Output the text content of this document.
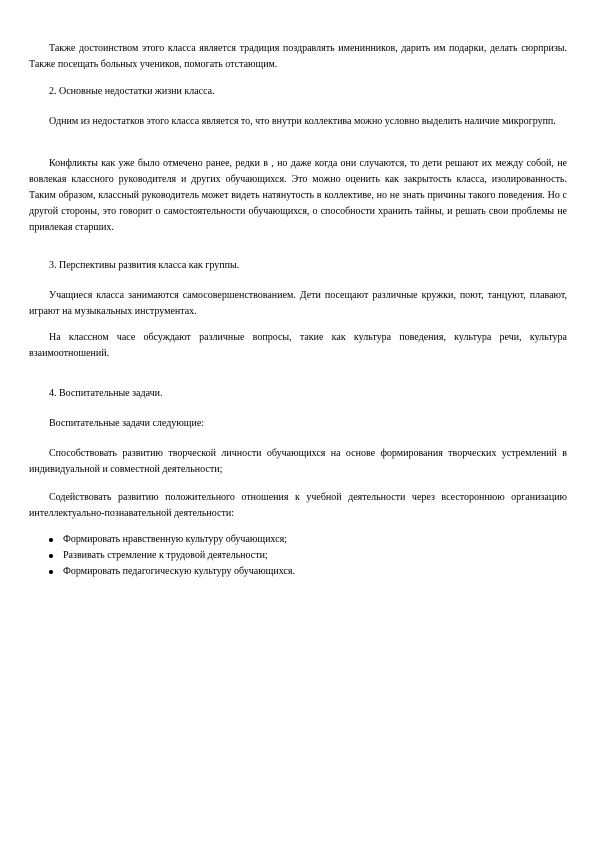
Также достоинством этого класса является традиция поздравлять именинников, дарить им подарки, делать сюрпризы. Также посещать больных учеников, помогать отстающим.

2. Основные недостатки жизни класса.

Одним из недостатков этого класса является то, что внутри коллектива можно условно выделить наличие микрогрупп.

Конфликты как уже было отмечено ранее, редки в , но даже когда они случаются, то дети решают их между собой, не вовлекая классного руководителя и других обучающихся. Это можно оценить как закрытость класса, изолированность. Таким образом, классный руководитель может видеть натянутость в коллективе, но не знать причины такого поведения. Но с другой стороны, это говорит о самостоятельности обучающихся, о способности хранить тайны, и решать свои проблемы не привлекая старших.

3. Перспективы развития класса как группы.

Учащиеся класса занимаются самосовершенствованием. Дети посещают различные кружки, поют, танцуют, плавают, играют на музыкальных инструментах.

На классном часе обсуждают различные вопросы, такие как культура поведения, культура речи, культура взаимоотношений.

4. Воспитательные задачи.

Воспитательные задачи следующие:

Способствовать развитию творческой личности обучающихся на основе формирования творческих устремлений в индивидуальной и совместной деятельности;

Содействовать развитию положительного отношения к учебной деятельности через всестороннюю организацию интеллектуально-познавательной деятельности:

Формировать нравственную культуру обучающихся;
Развивать стремление к трудовой деятельности;
Формировать педагогическую культуру обучающихся.
